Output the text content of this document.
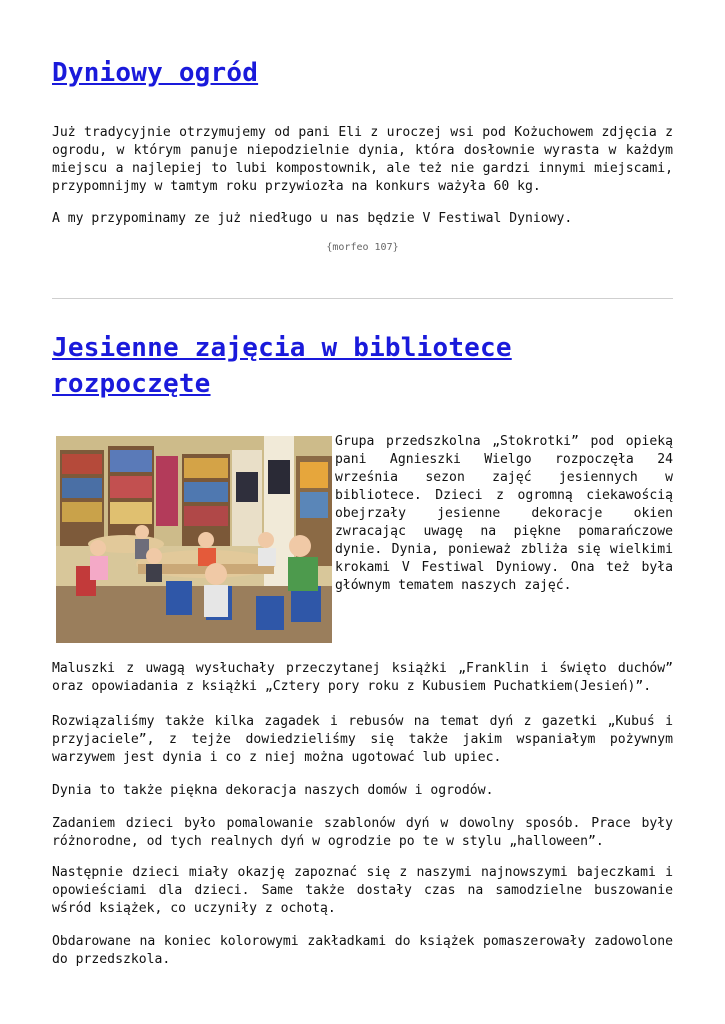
Dyniowy ogród

Już tradycyjnie otrzymujemy od pani Eli z uroczej wsi pod Kożuchowem zdjęcia z ogrodu, w którym panuje niepodzielnie dynia, która dosłownie wyrasta w każdym miejscu a najlepiej to lubi kompostownik, ale też nie gardzi innymi miejscami, przypomnijmy w tamtym roku przywiozła na konkurs ważyła 60 kg.

A my przypominamy ze już niedługo u nas będzie V Festiwal Dyniowy.

{morfeo 107}
Jesienne zajęcia w bibliotece rozpoczęte

Grupa przedszkolna „Stokrotki” pod opieką pani Agnieszki Wielgo rozpoczęła 24 września sezon zajęć jesiennych w bibliotece. Dzieci z ogromną ciekawością obejrzały jesienne dekoracje okien zwracając uwagę na piękne pomarańczowe dynie. Dynia, ponieważ zbliża się wielkimi krokami V Festiwal Dyniowy. Ona też była głównym tematem naszych zajęć.

Maluszki z uwagą wysłuchały przeczytanej książki „Franklin i święto duchów” oraz opowiadania z książki „Cztery pory roku z Kubusiem Puchatkiem(Jesień)”.

Rozwiązaliśmy także kilka zagadek i rebusów na temat dyń z gazetki „Kubuś i przyjaciele”, z tejże dowiedzieliśmy się także jakim wspaniałym pożywnym warzywem jest dynia i co z niej można ugotować lub upiec.

Dynia to także piękna dekoracja naszych domów i ogrodów.

Zadaniem dzieci było pomalowanie szablonów dyń w dowolny sposób. Prace były różnorodne, od tych realnych dyń w ogrodzie po te w stylu „halloween”.

Następnie dzieci miały okazję zapoznać się z naszymi najnowszymi bajeczkami i opowieściami dla dzieci. Same także dostały czas na samodzielne buszowanie wśród książek, co uczyniły z ochotą.

Obdarowane na koniec kolorowymi zakładkami do książek pomaszerowały zadowolone do przedszkola.
